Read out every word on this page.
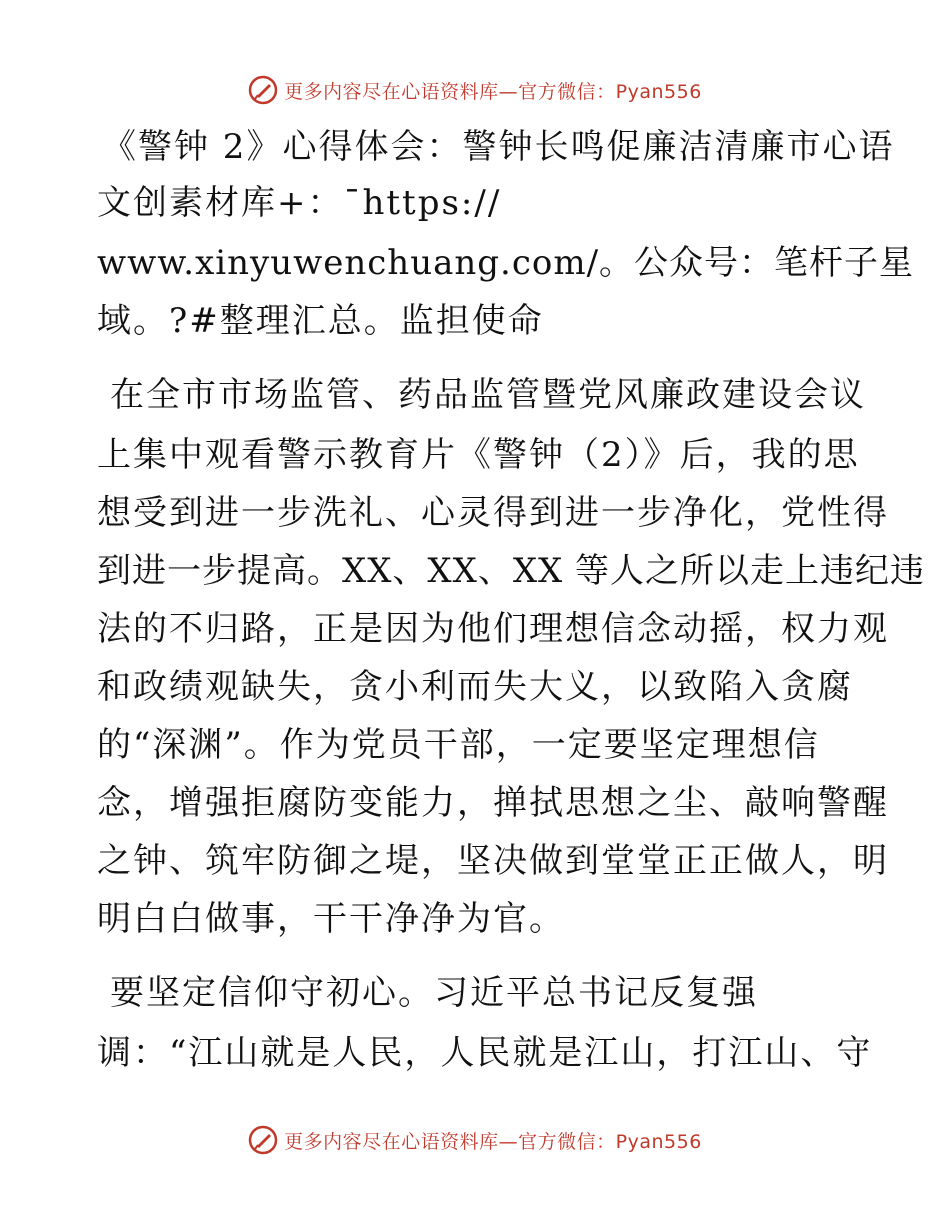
更多内容尽在心语资料库—官方微信：Pyan556
《警钟 2》心得体会：警钟长鸣促廉洁清廉市心语
文创素材库+：¯https://
www.xinyuwenchuang.com/。公众号：笔杆子星
域。?#整理汇总。监担使命
在全市市场监管、药品监管暨党风廉政建设会议
上集中观看警示教育片《警钟（2）》后，我的思
想受到进一步洗礼、心灵得到进一步净化，党性得
到进一步提高。XX、XX、XX 等人之所以走上违纪违
法的不归路，正是因为他们理想信念动摇，权力观
和政绩观缺失，贪小利而失大义，以致陷入贪腐
的“深渊”。作为党员干部，一定要坚定理想信
念，增强拒腐防变能力，掸拭思想之尘、敲响警醒
之钟、筑牢防御之堤，坚决做到堂堂正正做人，明
明白白做事，干干净净为官。
要坚定信仰守初心。习近平总书记反复强
调：“江山就是人民，人民就是江山，打江山、守
更多内容尽在心语资料库—官方微信：Pyan556
